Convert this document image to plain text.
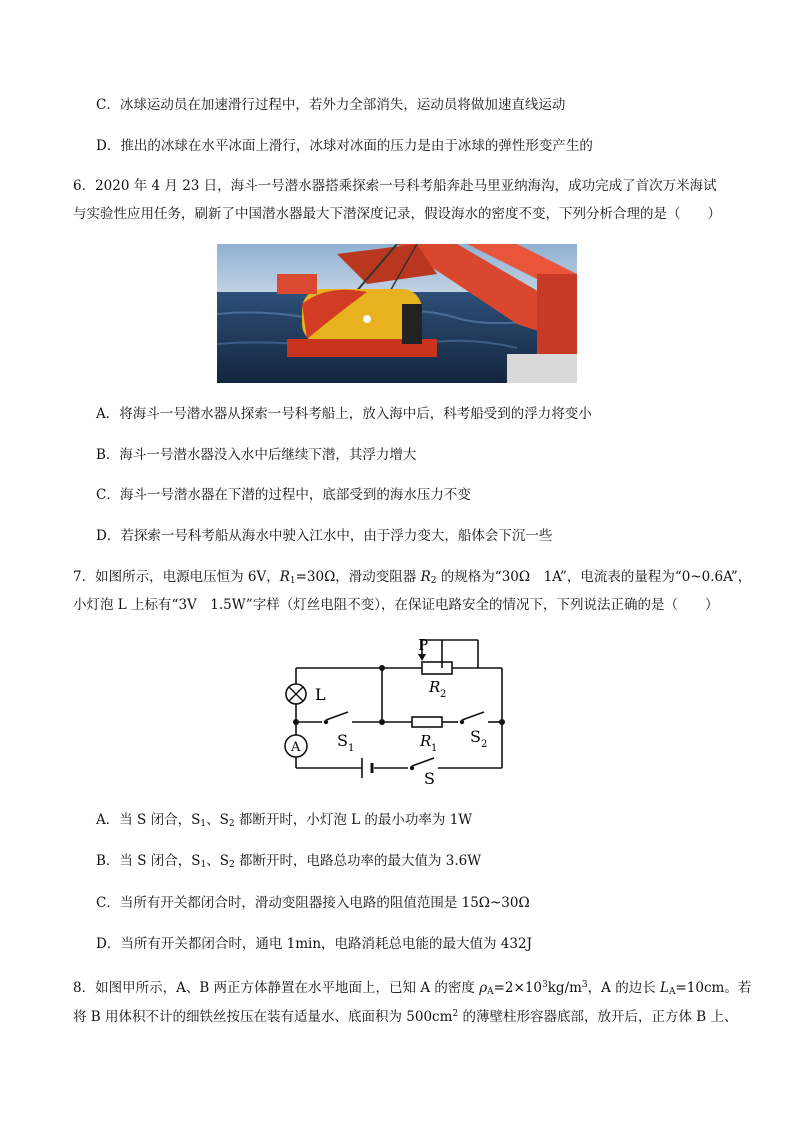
C．冰球运动员在加速滑行过程中，若外力全部消失，运动员将做加速直线运动
D．推出的冰球在水平冰面上滑行，冰球对冰面的压力是由于冰球的弹性形变产生的
6．2020 年 4 月 23 日，海斗一号潜水器搭乘探索一号科考船奔赴马里亚纳海沟，成功完成了首次万米海试
与实验性应用任务，刷新了中国潜水器最大下潜深度记录，假设海水的密度不变，下列分析合理的是（　　）
A．将海斗一号潜水器从探索一号科考船上，放入海中后，科考船受到的浮力将变小
B．海斗一号潜水器没入水中后继续下潜，其浮力增大
C．海斗一号潜水器在下潜的过程中，底部受到的海水压力不变
D．若探索一号科考船从海水中驶入江水中，由于浮力变大，船体会下沉一些
7．如图所示，电源电压恒为 6V，$R_1=30\Omega$，滑动变阻器 $R_2$ 的规格为“30Ω　1A”，电流表的量程为“0~0.6A”，
小灯泡 L 上标有“3V　1.5W”字样（灯丝电阻不变），在保证电路安全的情况下，下列说法正确的是（　　）
P
L
A
R 2
R 1
S 1
S 2
S
A．当 S 闭合，$S_1$、$S_2$ 都断开时，小灯泡 L 的最小功率为 1W
B．当 S 闭合，$S_1$、$S_2$ 都断开时，电路总功率的最大值为 3.6W
C．当所有开关都闭合时，滑动变阻器接入电路的阻值范围是 15Ω~30Ω
D．当所有开关都闭合时，通电 1min，电路消耗总电能的最大值为 432J
8．如图甲所示，A、B 两正方体静置在水平地面上，已知 A 的密度 $\rho_A=2\times 10^3kg/m^3$，A 的边长 $L_A=10cm$。若
将 B 用体积不计的细铁丝按压在装有适量水、底面积为 $500cm^2$ 的薄壁柱形容器底部，放开后，正方体 B 上、
